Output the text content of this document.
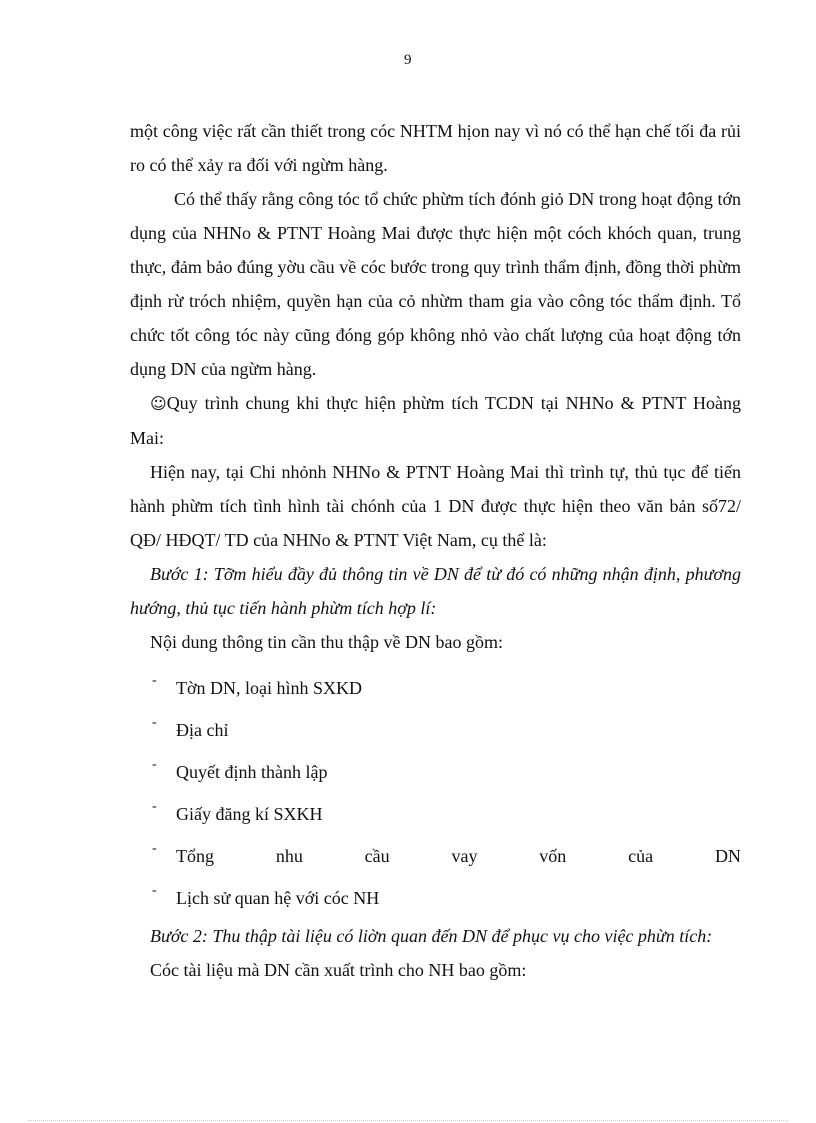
9

một công việc rất cần thiết trong cóc NHTM hịon nay vì nó có thể hạn chế tối đa rủi ro có thể xảy ra đối với ngừm hàng.

Có thể thấy rằng công tóc tổ chức phừm tích đónh giỏ DN trong hoạt động tớn dụng của NHNo & PTNT Hoàng Mai được thực hiện một cóch khóch quan, trung thực, đảm bảo đúng yờu cầu về cóc bước trong quy trình thẩm định, đồng thời phừm định rừ tróch nhiệm, quyền hạn của cỏ nhừm tham gia vào công tóc thẩm định. Tổ chức tốt công tóc này cũng đóng góp không nhỏ vào chất lượng của hoạt động tớn dụng DN của ngừm hàng.

☺Quy trình chung khi thực hiện phừm tích TCDN tại NHNo & PTNT Hoàng Mai:

Hiện nay, tại Chi nhỏnh NHNo & PTNT Hoàng Mai thì trình tự, thủ tục để tiến hành phừm tích tình hình tài chónh của 1 DN được thực hiện theo văn bản số72/ QĐ/ HĐQT/ TD của NHNo & PTNT Việt Nam, cụ thể là:

Bước 1: Tỡm hiểu đầy đủ thông tin về DN để từ đó có những nhận định, phương hướng, thủ tục tiến hành phừm tích hợp lí:

Nội dung thông tin cần thu thập về DN bao gồm:

- Tờn DN, loại hình SXKD
- Địa chỉ
- Quyết định thành lập
- Giấy đăng kí SXKH
- Tổng	nhu	cầu	vay	vốn	của	DN
- Lịch sử quan hệ với cóc NH

Bước 2: Thu thập tài liệu có liờn quan đến DN để phục vụ cho việc phừn tích:

Cóc tài liệu mà DN cần xuất trình cho NH bao gồm:
